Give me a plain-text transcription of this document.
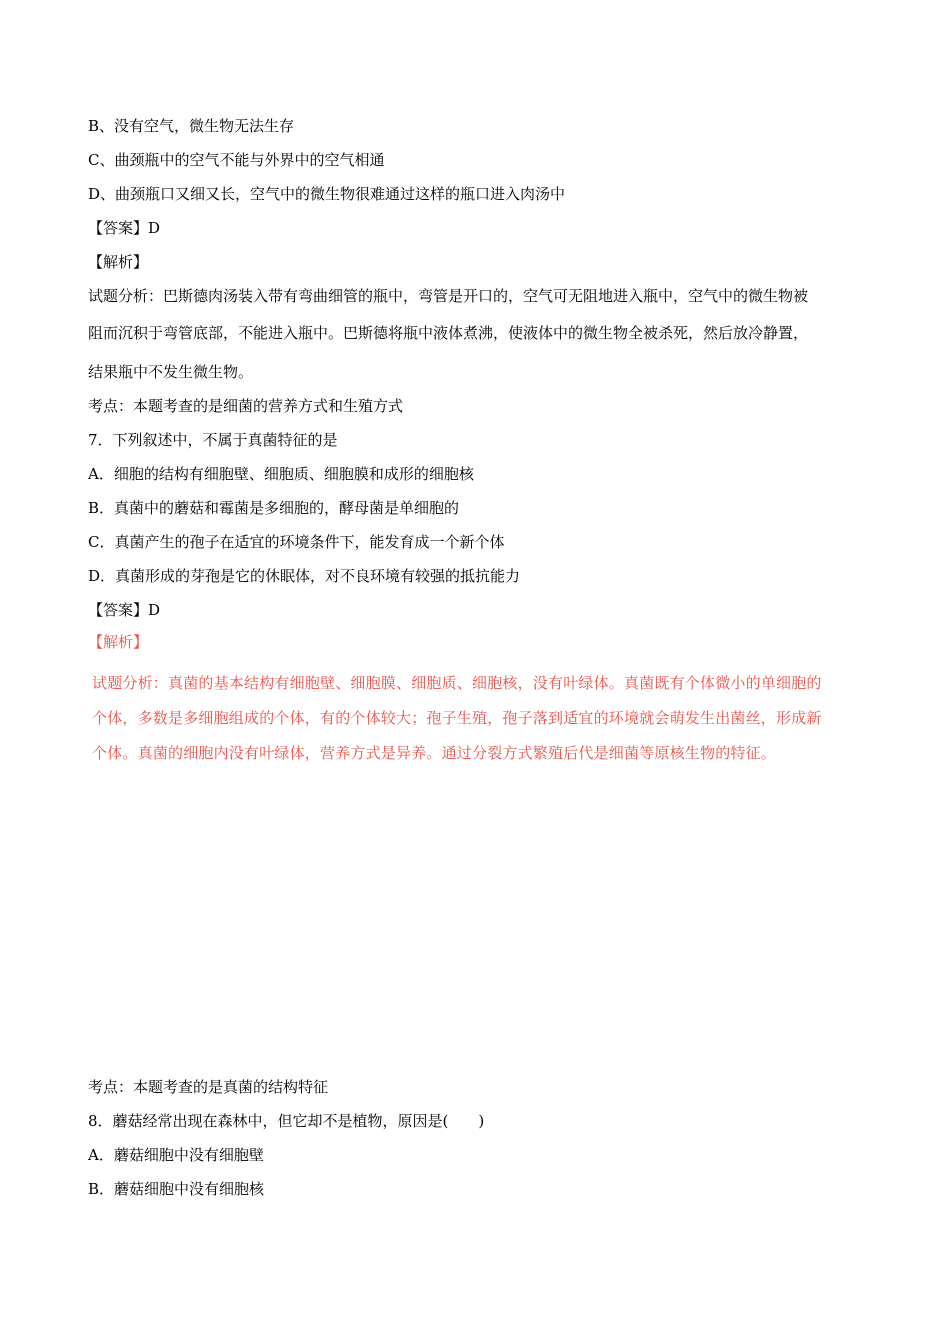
B、没有空气，微生物无法生存
C、曲颈瓶中的空气不能与外界中的空气相通
D、曲颈瓶口又细又长，空气中的微生物很难通过这样的瓶口进入肉汤中
【答案】D
【解析】
试题分析：巴斯德肉汤装入带有弯曲细管的瓶中，弯管是开口的，空气可无阻地进入瓶中，空气中的微生物被
阻而沉积于弯管底部，不能进入瓶中。巴斯德将瓶中液体煮沸，使液体中的微生物全被杀死，然后放冷静置，
结果瓶中不发生微生物。
考点：本题考查的是细菌的营养方式和生殖方式
7．下列叙述中，不属于真菌特征的是
A．细胞的结构有细胞壁、细胞质、细胞膜和成形的细胞核
B．真菌中的蘑菇和霉菌是多细胞的，酵母菌是单细胞的
C．真菌产生的孢子在适宜的环境条件下，能发育成一个新个体
D．真菌形成的芽孢是它的休眠体，对不良环境有较强的抵抗能力
【答案】D
【解析】
试题分析：真菌的基本结构有细胞壁、细胞膜、细胞质、细胞核，没有叶绿体。真菌既有个体微小的单细胞的个体，多数是多细胞组成的个体，有的个体较大；孢子生殖，孢子落到适宜的环境就会萌发生出菌丝，形成新个体。真菌的细胞内没有叶绿体，营养方式是异养。通过分裂方式繁殖后代是细菌等原核生物的特征。
考点：本题考查的是真菌的结构特征
8．蘑菇经常出现在森林中，但它却不是植物，原因是(　　)
A．蘑菇细胞中没有细胞壁
B．蘑菇细胞中没有细胞核
